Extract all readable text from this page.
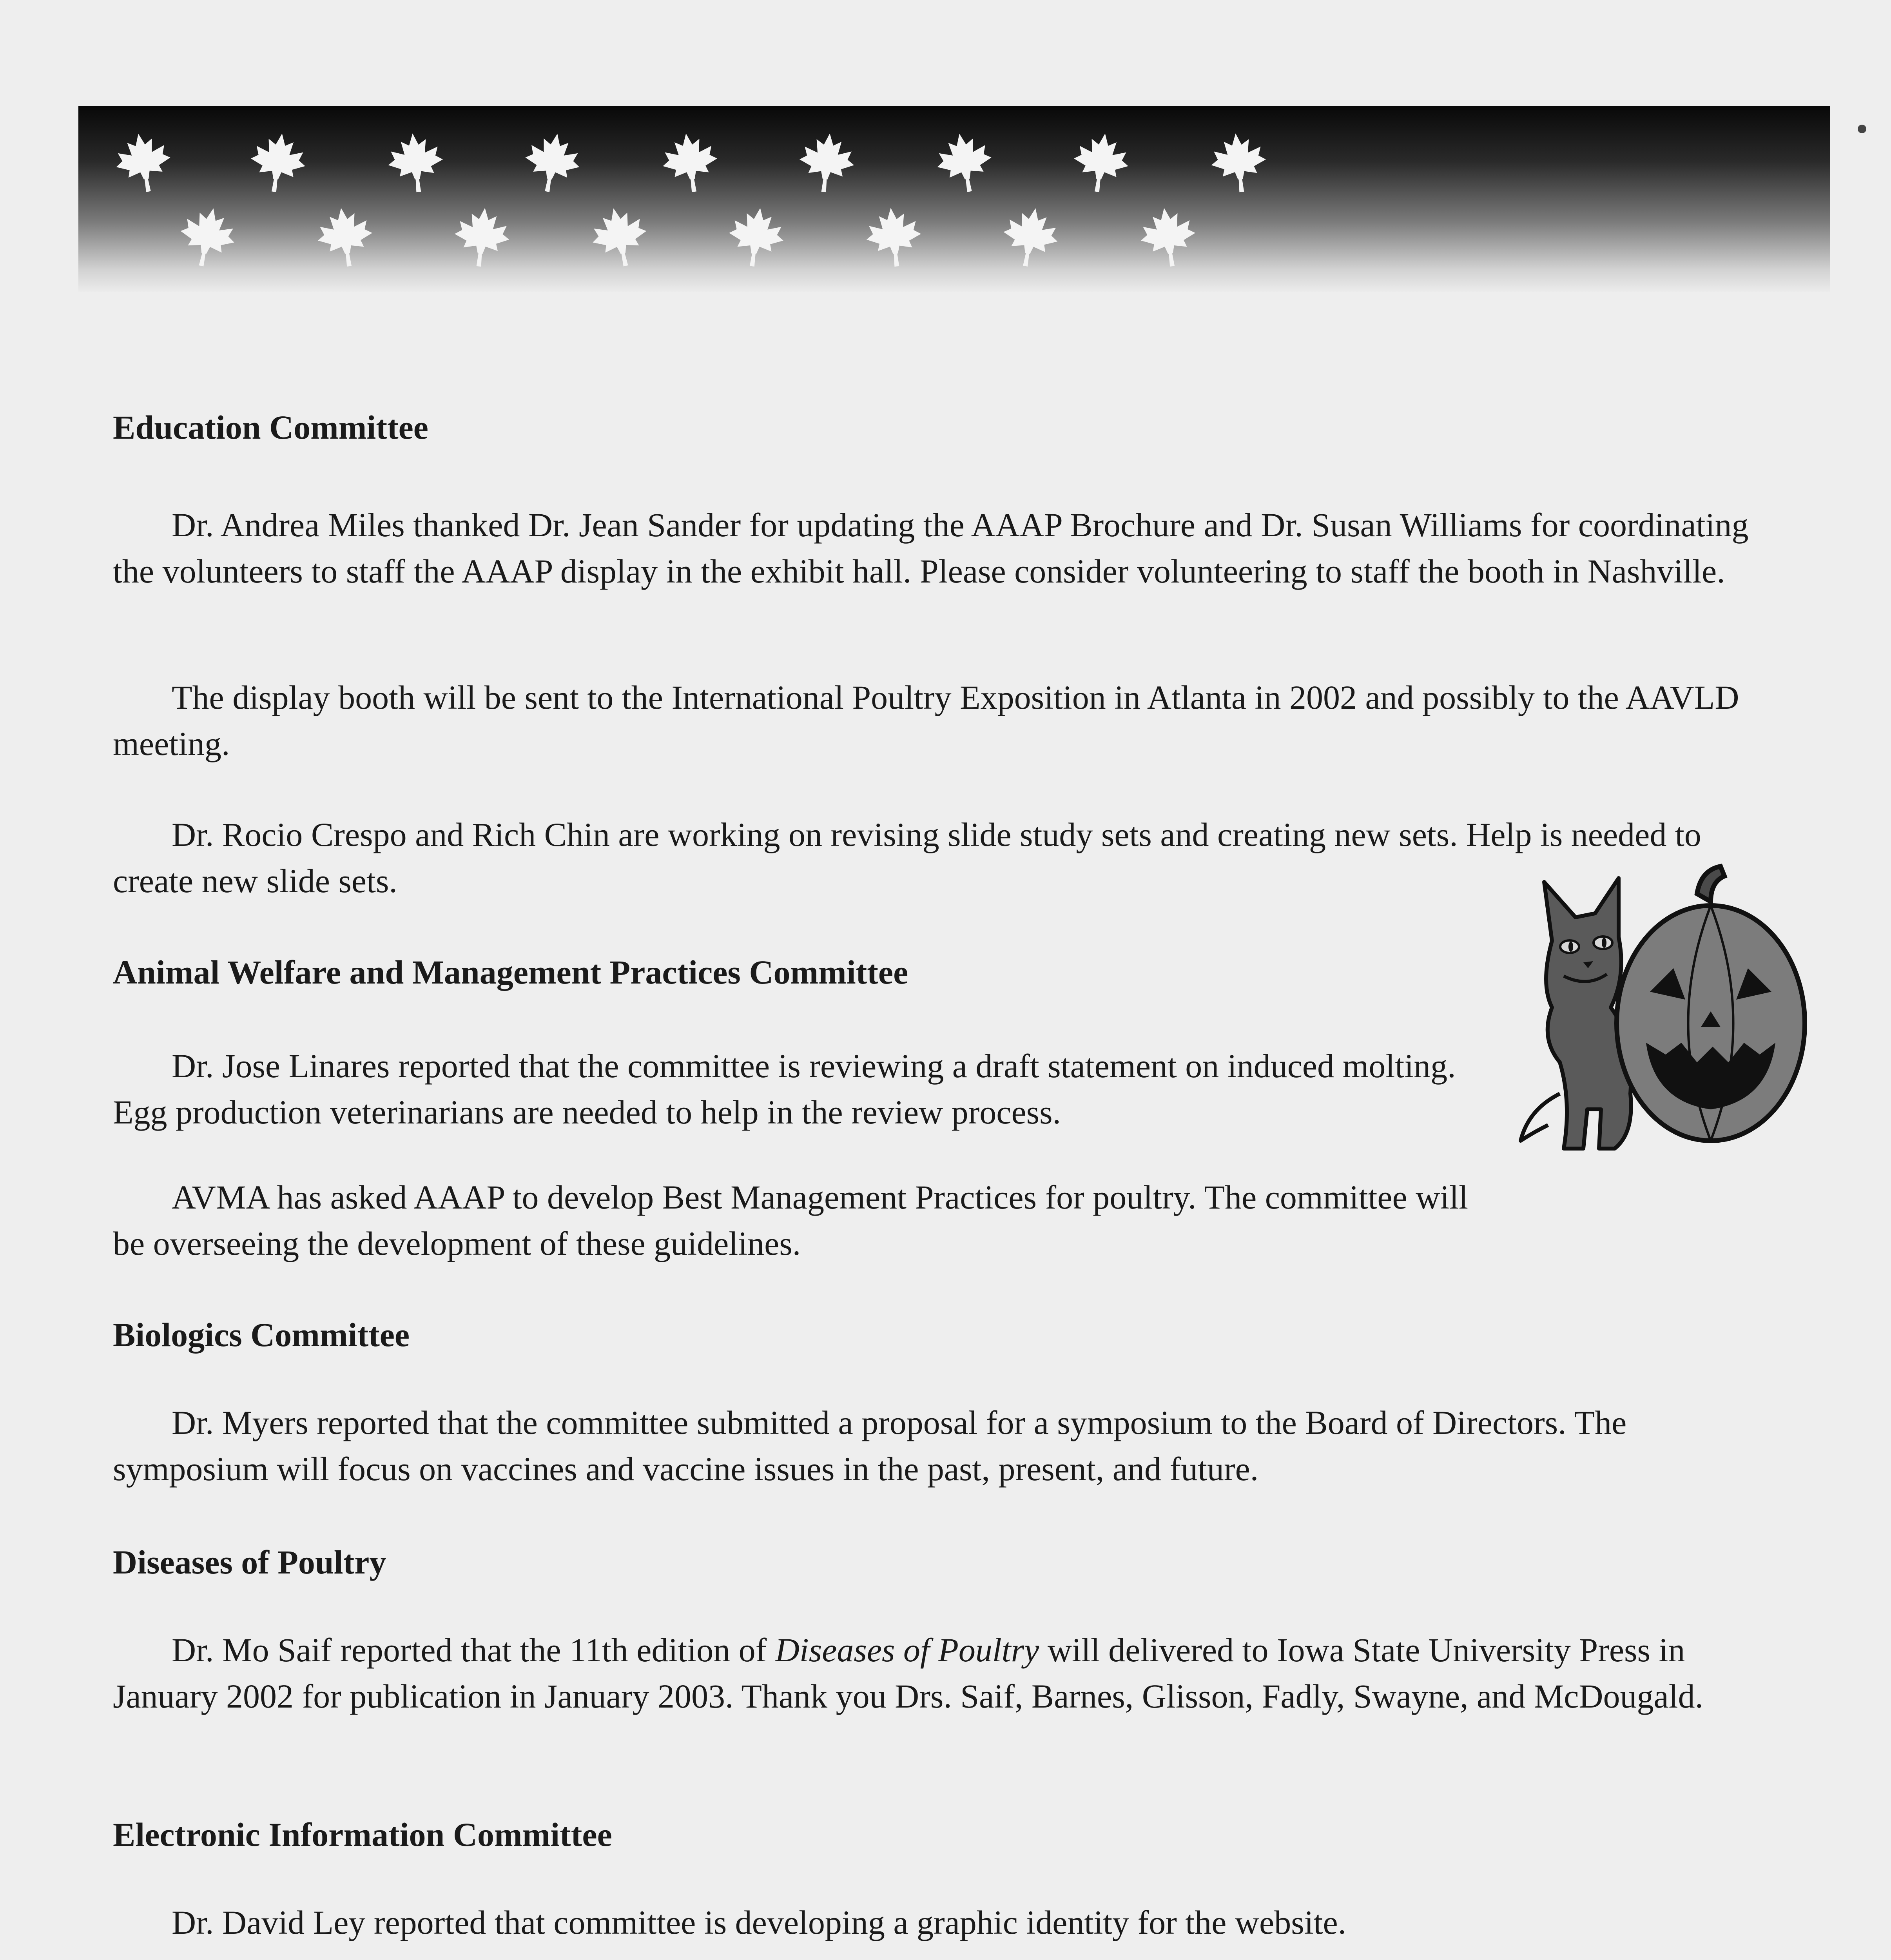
Education Committee

Dr. Andrea Miles thanked Dr. Jean Sander for updating the AAAP Brochure and Dr. Susan Williams for coordinating the volunteers to staff the AAAP display in the exhibit hall. Please consider volunteering to staff the booth in Nashville.

The display booth will be sent to the International Poultry Exposition in Atlanta in 2002 and possibly to the AAVLD meeting.

Dr. Rocio Crespo and Rich Chin are working on revising slide study sets and creating new sets. Help is needed to create new slide sets.

Animal Welfare and Management Practices Committee

Dr. Jose Linares reported that the committee is reviewing a draft statement on induced molting. Egg production veterinarians are needed to help in the review process.

AVMA has asked AAAP to develop Best Management Practices for poultry. The committee will be overseeing the development of these guidelines.

Biologics Committee

Dr. Myers reported that the committee submitted a proposal for a symposium to the Board of Directors. The symposium will focus on vaccines and vaccine issues in the past, present, and future.

Diseases of Poultry

Dr. Mo Saif reported that the 11th edition of Diseases of Poultry will delivered to Iowa State University Press in January 2002 for publication in January 2003. Thank you Drs. Saif, Barnes, Glisson, Fadly, Swayne, and McDougald.

Electronic Information Committee

Dr. David Ley reported that committee is developing a graphic identity for the website.
